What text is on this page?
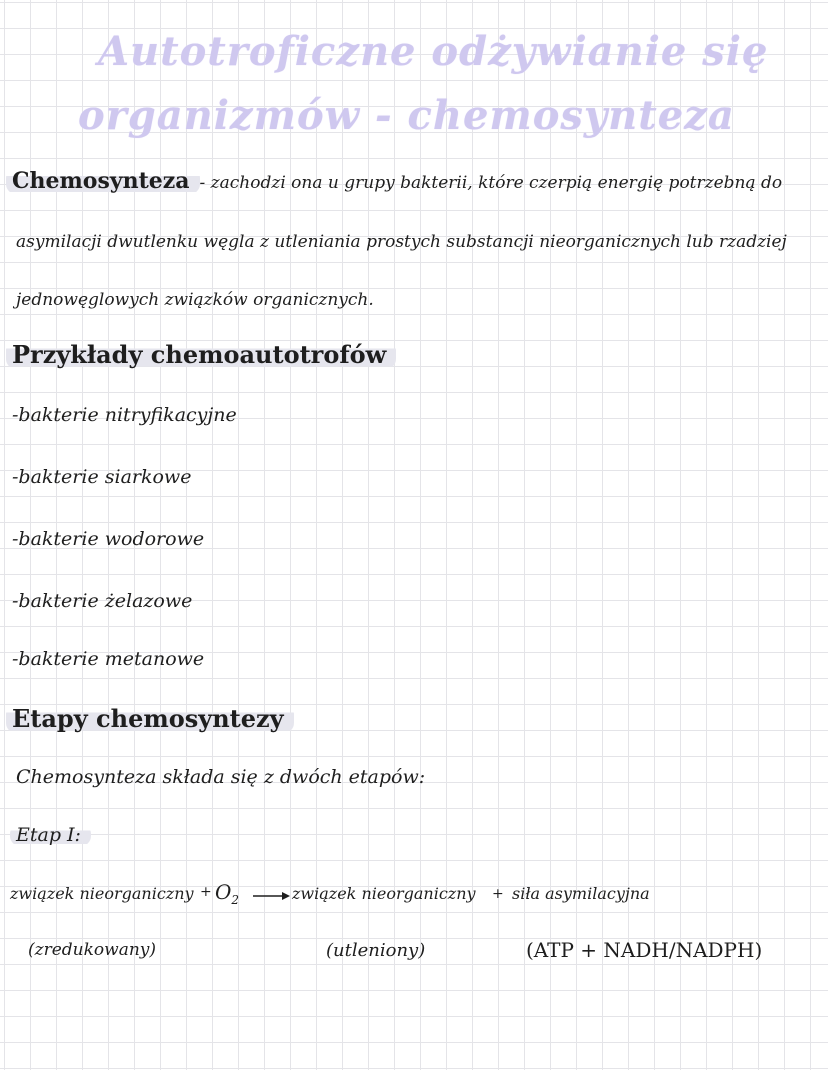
Autotroficzne odżywianie się
organizmów - chemosynteza
Chemosynteza - zachodzi ona u grupy bakterii, które czerpią energię potrzebną do
asymilacji dwutlenku węgla z utleniania prostych substancji nieorganicznych lub rzadziej
jednowęglowych związków organicznych.
Przykłady chemoautotrofów
-bakterie nitryfikacyjne
-bakterie siarkowe
-bakterie wodorowe
-bakterie żelazowe
-bakterie metanowe
Etapy chemosyntezy
Chemosynteza składa się z dwóch etapów:
Etap I:
związek nieorganiczny + $O_2$ → związek nieorganiczny + siła asymilacyjna
(zredukowany)	(utleniony)	(ATP + NADH/NADPH)
